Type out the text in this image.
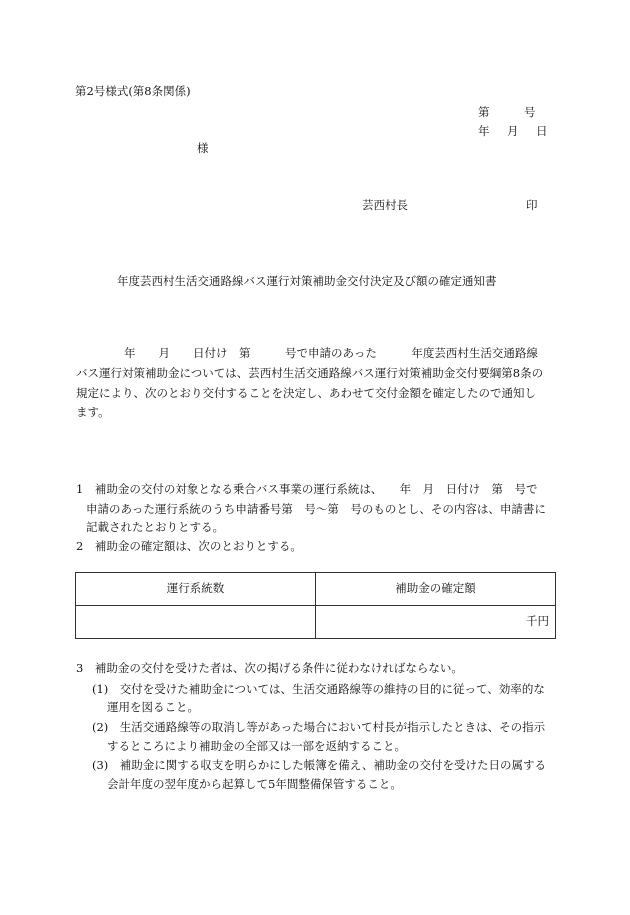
第2号様式(第8条関係)
第　　　号
年　月　日
様
芸西村長	印
年度芸西村生活交通路線バス運行対策補助金交付決定及び額の確定通知書
年　　月　　日付け　第　　　号で申請のあった　　　年度芸西村生活交通路線
バス運行対策補助金については、芸西村生活交通路線バス運行対策補助金交付要綱第8条の
規定により、次のとおり交付することを決定し、あわせて交付金額を確定したので通知し
ます。
1　補助金の交付の対象となる乗合バス事業の運行系統は、　　年　月　日付け　第　号で
申請のあった運行系統のうち申請番号第　号～第　号のものとし、その内容は、申請書に
記載されたとおりとする。
2　補助金の確定額は、次のとおりとする。
運行系統数	補助金の確定額
	千円
3　補助金の交付を受けた者は、次の掲げる条件に従わなければならない。
(1)　交付を受けた補助金については、生活交通路線等の維持の目的に従って、効率的な
運用を図ること。
(2)　生活交通路線等の取消し等があった場合において村長が指示したときは、その指示
するところにより補助金の全部又は一部を返納すること。
(3)　補助金に関する収支を明らかにした帳簿を備え、補助金の交付を受けた日の属する
会計年度の翌年度から起算して5年間整備保管すること。
